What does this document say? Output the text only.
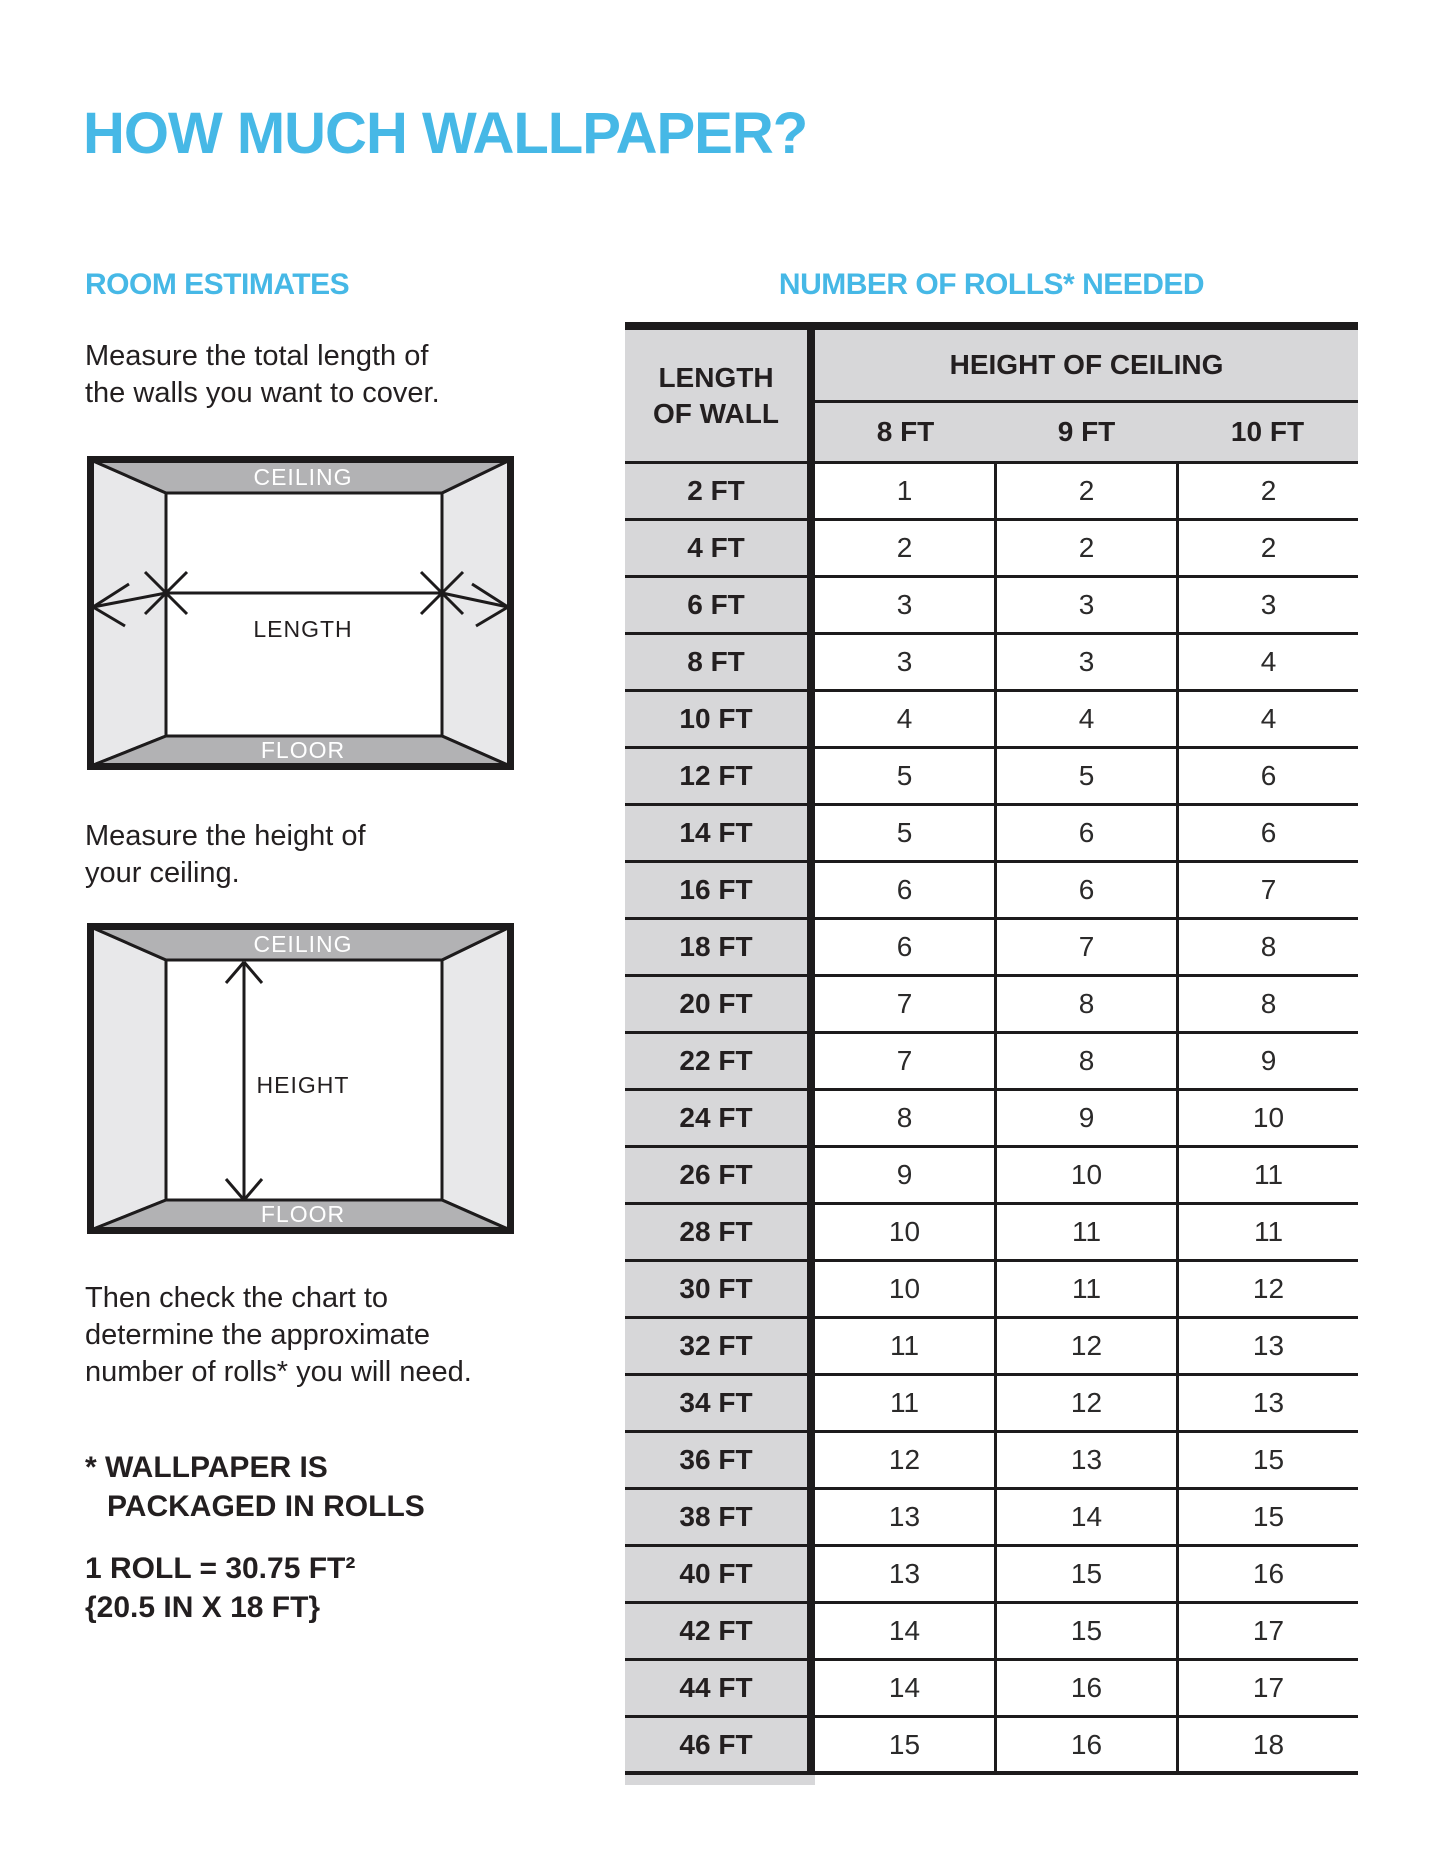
HOW MUCH WALLPAPER?
ROOM ESTIMATES	NUMBER OF ROLLS* NEEDED

Measure the total length of
the walls you want to cover.

CEILING
FLOOR
LENGTH

Measure the height of
your ceiling.

CEILING
FLOOR
HEIGHT

Then check the chart to
determine the approximate
number of rolls* you will need.

* WALLPAPER IS
PACKAGED IN ROLLS

1 ROLL = 30.75 FT²
{20.5 IN X 18 FT}

LENGTH
OF WALL
HEIGHT OF CEILING
8 FT	9 FT	10 FT
2 FT	1	2	2
4 FT	2	2	2
6 FT	3	3	3
8 FT	3	3	4
10 FT	4	4	4
12 FT	5	5	6
14 FT	5	6	6
16 FT	6	6	7
18 FT	6	7	8
20 FT	7	8	8
22 FT	7	8	9
24 FT	8	9	10
26 FT	9	10	11
28 FT	10	11	11
30 FT	10	11	12
32 FT	11	12	13
34 FT	11	12	13
36 FT	12	13	15
38 FT	13	14	15
40 FT	13	15	16
42 FT	14	15	17
44 FT	14	16	17
46 FT	15	16	18
